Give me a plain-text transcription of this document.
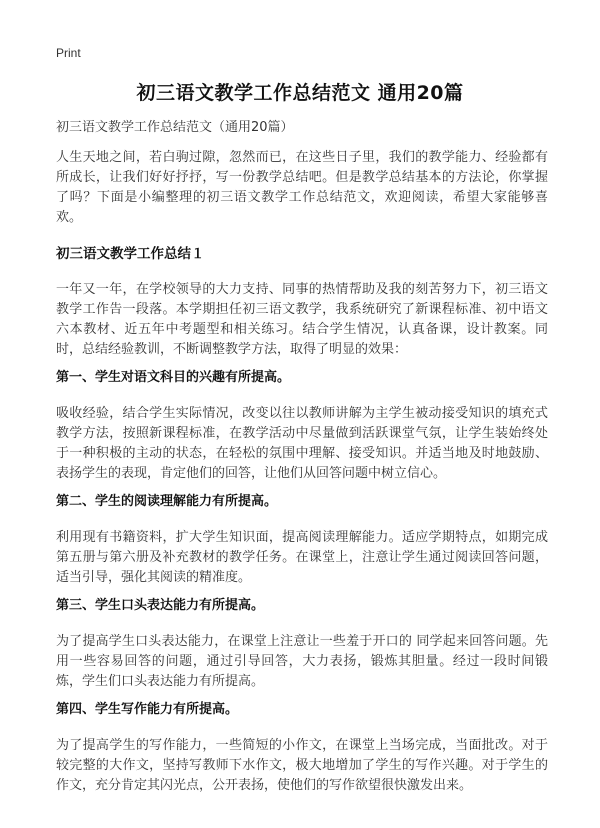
Print
初三语文教学工作总结范文 通用20篇

初三语文教学工作总结范文（通用20篇）

人生天地之间，若白驹过隙，忽然而已，在这些日子里，我们的教学能力、经验都有所成长，让我们好好抒抒，写一份教学总结吧。但是教学总结基本的方法论，你掌握了吗？下面是小编整理的初三语文教学工作总结范文，欢迎阅读，希望大家能够喜欢。

初三语文教学工作总结１

一年又一年，在学校领导的大力支持、同事的热情帮助及我的刻苦努力下，初三语文教学工作告一段落。本学期担任初三语文教学，我系统研究了新课程标准、初中语文六本教材、近五年中考题型和相关练习。结合学生情况，认真备课，设计教案。同时，总结经验教训，不断调整教学方法，取得了明显的效果：

第一、学生对语文科目的兴趣有所提高。

吸收经验，结合学生实际情况，改变以往以教师讲解为主学生被动接受知识的填充式教学方法，按照新课程标准，在教学活动中尽量做到活跃课堂气氛，让学生装始终处于一种积极的主动的状态，在轻松的氛围中理解、接受知识。并适当地及时地鼓励、表扬学生的表现，肯定他们的回答，让他们从回答问题中树立信心。

第二、学生的阅读理解能力有所提高。

利用现有书籍资料，扩大学生知识面，提高阅读理解能力。适应学期特点，如期完成第五册与第六册及补充教材的教学任务。在课堂上，注意让学生通过阅读回答问题，适当引导，强化其阅读的精准度。

第三、学生口头表达能力有所提高。

为了提高学生口头表达能力，在课堂上注意让一些羞于开口的 同学起来回答问题。先用一些容易回答的问题，通过引导回答，大力表扬，锻炼其胆量。经过一段时间锻炼，学生们口头表达能力有所提高。

第四、学生写作能力有所提高。

为了提高学生的写作能力，一些简短的小作文，在课堂上当场完成，当面批改。对于较完整的大作文，坚持写教师下水作文，极大地增加了学生的写作兴趣。对于学生的作文，充分肯定其闪光点，公开表扬，使他们的写作欲望很快激发出来。
